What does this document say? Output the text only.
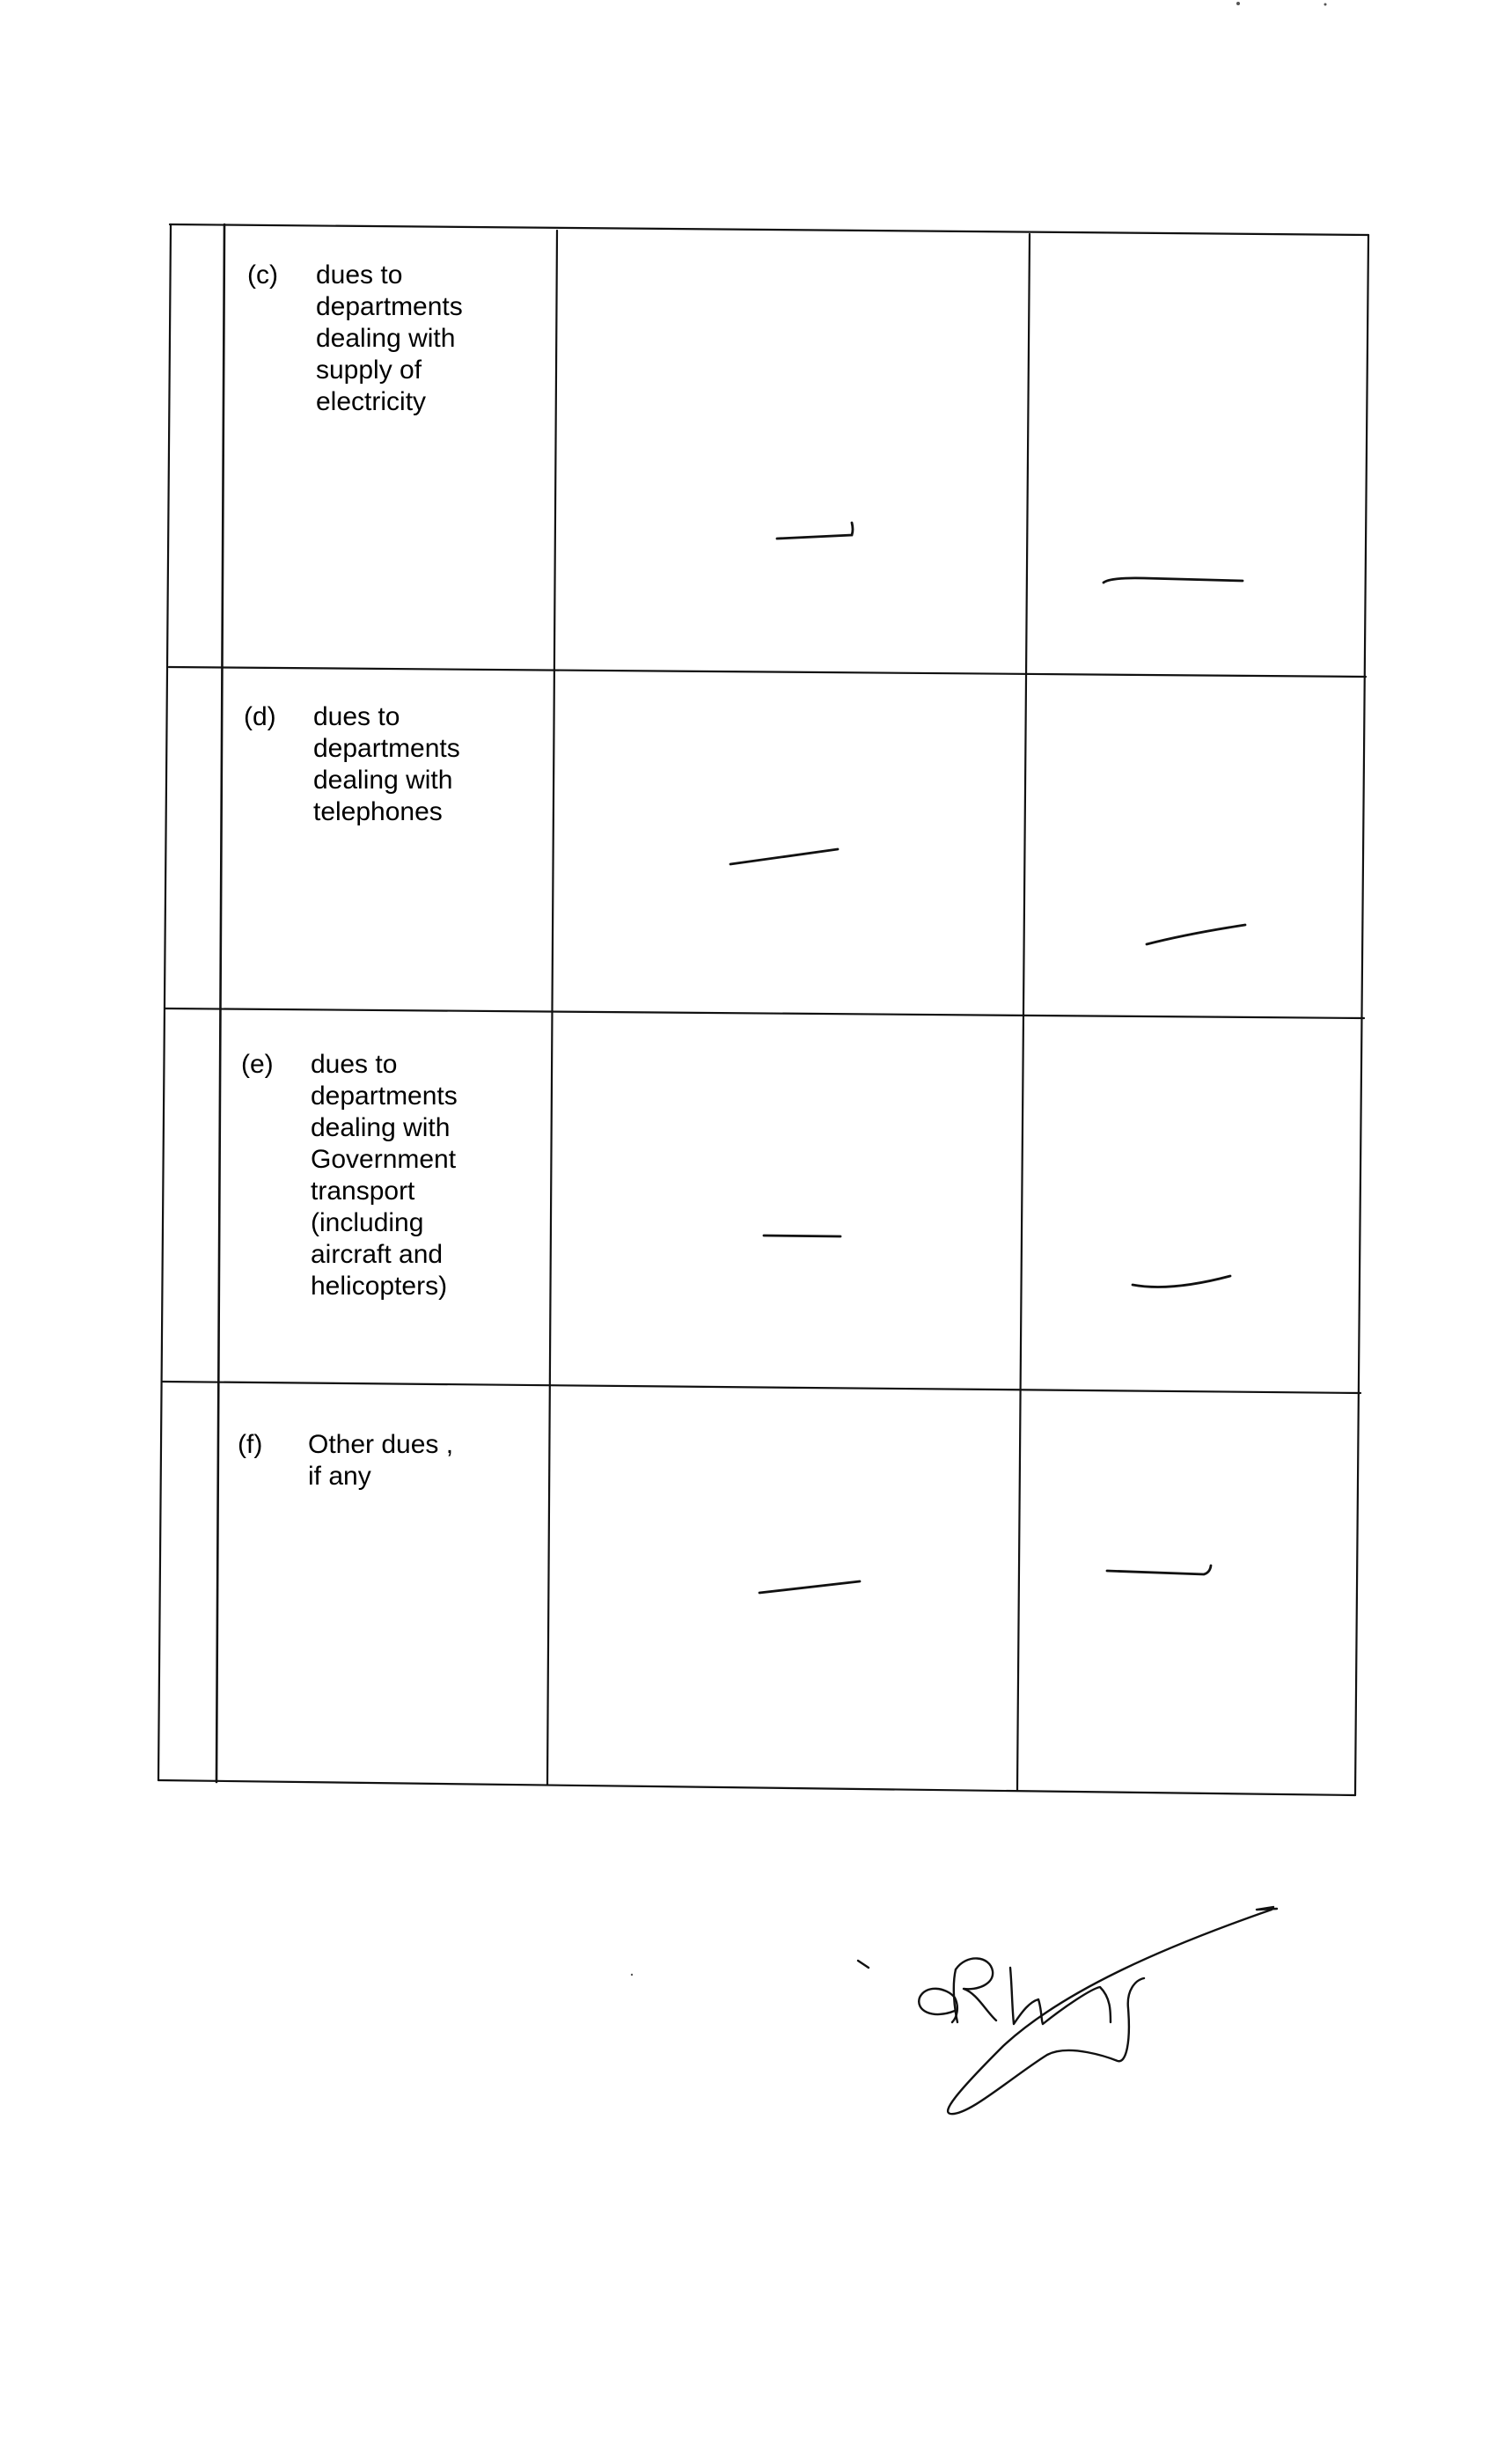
(c) dues to
departments
dealing with
supply of
electricity
(d) dues to
departments
dealing with
telephones
(e) dues to
departments
dealing with
Government
transport
(including
aircraft and
helicopters)
(f) Other dues ,
if any
